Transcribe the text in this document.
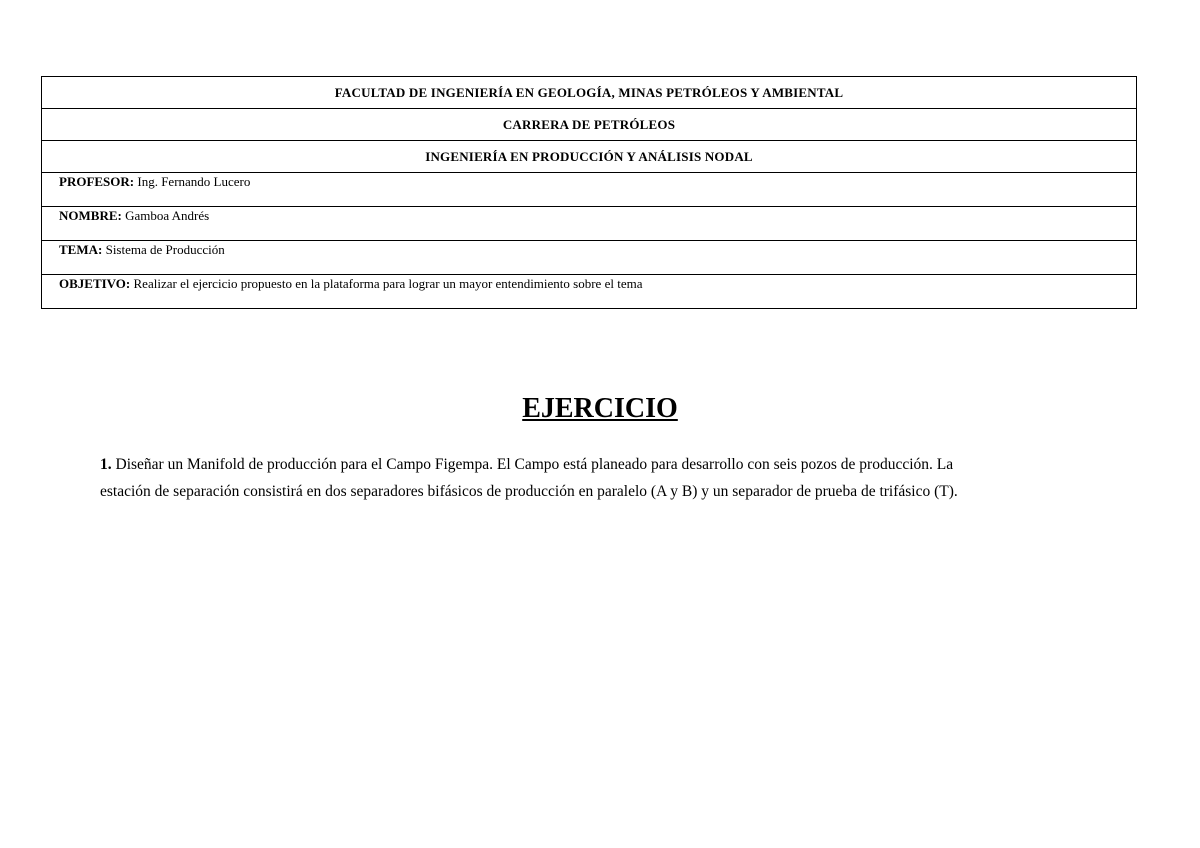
FACULTAD DE INGENIERÍA EN GEOLOGÍA, MINAS PETRÓLEOS Y AMBIENTAL
CARRERA DE PETRÓLEOS
INGENIERÍA EN PRODUCCIÓN Y ANÁLISIS NODAL
PROFESOR: Ing. Fernando Lucero
NOMBRE: Gamboa Andrés
TEMA: Sistema de Producción
OBJETIVO: Realizar el ejercicio propuesto en la plataforma para lograr un mayor entendimiento sobre el tema
EJERCICIO
1. Diseñar un Manifold de producción para el Campo Figempa. El Campo está planeado para desarrollo con seis pozos de producción. La
estación de separación consistirá en dos separadores bifásicos de producción en paralelo (A y B) y un separador de prueba de trifásico (T).
